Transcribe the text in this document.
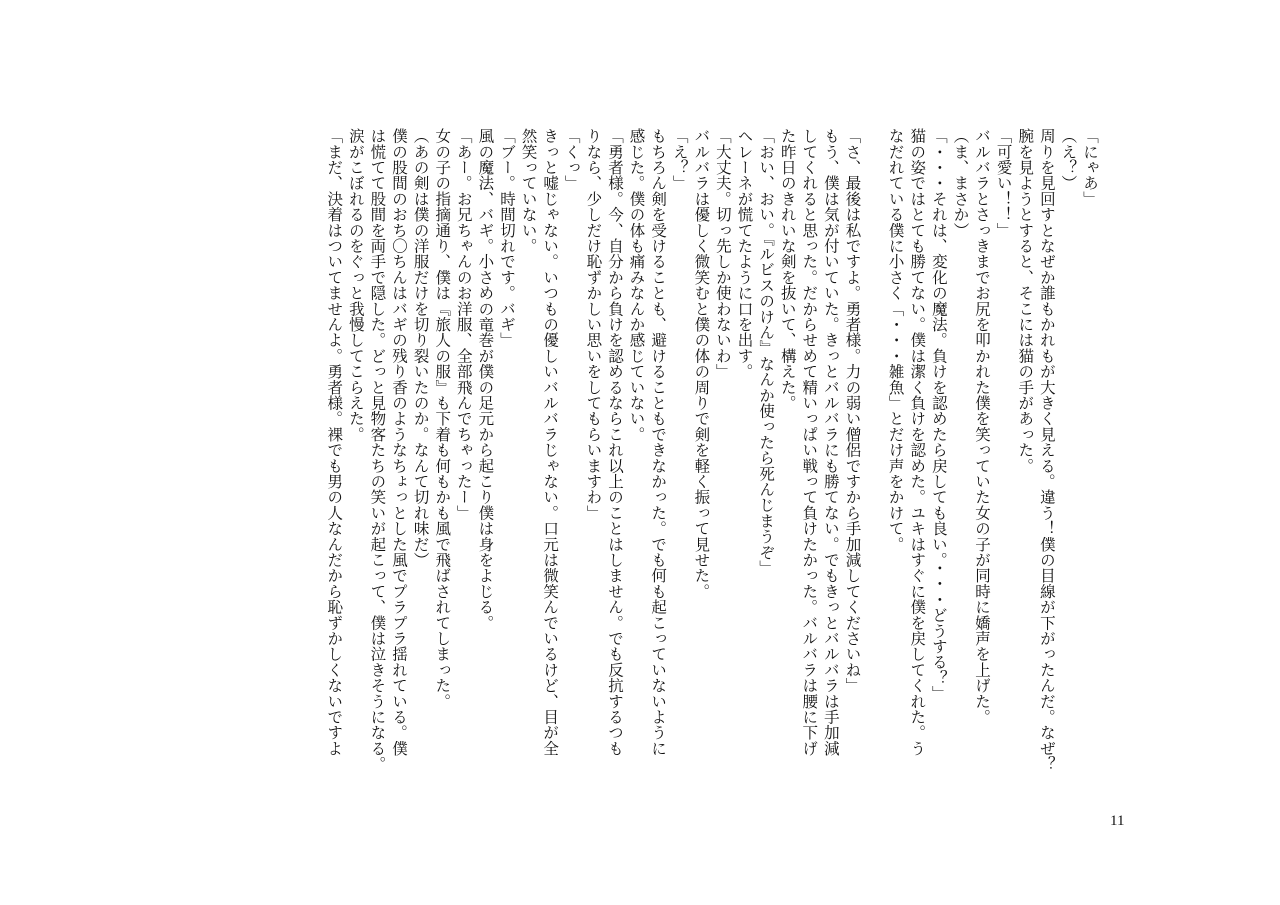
「にゃあ」

（え？）

周りを見回すとなぜか誰もかれもが大きく見える。違う！僕の目線が下がったんだ。なぜ？

腕を見ようとすると、そこには猫の手があった。

「可愛い！！」

バルバラとさっきまでお尻を叩かれた僕を笑っていた女の子が同時に嬌声を上げた。

（ま、まさか）

「・・・それは、変化の魔法。負けを認めたら戻しても良い。・・・どうする？」

猫の姿ではとても勝てない。僕は潔く負けを認めた。ユキはすぐに僕を戻してくれた。う

なだれている僕に小さく「・・・雑魚」とだけ声をかけて。

「さ、最後は私ですよ。勇者様。力の弱い僧侶ですから手加減してくださいね」

もう、僕は気が付いていた。きっとバルバラにも勝てない。でもきっとバルバラは手加減

してくれると思った。だからせめて精いっぱい戦って負けたかった。バルバラは腰に下げ

た昨日のきれいな剣を抜いて、構えた。

「おい、おい。『ルビスのけん』なんか使ったら死んじまうぞ」

ヘレーネが慌てたように口を出す。

「大丈夫。切っ先しか使わないわ」

バルバラは優しく微笑むと僕の体の周りで剣を軽く振って見せた。

「え？」

もちろん剣を受けることも、避けることもできなかった。でも何も起こっていないように

感じた。僕の体も痛みなんか感じていない。

「勇者様。今、自分から負けを認めるならこれ以上のことはしません。でも反抗するつも

りなら、少しだけ恥ずかしい思いをしてもらいますわ」

「くっ」

きっと嘘じゃない。いつもの優しいバルバラじゃない。口元は微笑んでいるけど、目が全

然笑っていない。

「ブー。時間切れです。バギ」

風の魔法、バギ。小さめの竜巻が僕の足元から起こり僕は身をよじる。

「あー。お兄ちゃんのお洋服、全部飛んでちゃったー」

女の子の指摘通り、僕は『旅人の服』も下着も何もかも風で飛ばされてしまった。

（あの剣は僕の洋服だけを切り裂いたのか。なんて切れ味だ）

僕の股間のおち〇ちんはバギの残り香のようなちょっとした風でプラプラ揺れている。僕

は慌てて股間を両手で隠した。どっと見物客たちの笑いが起こって、僕は泣きそうになる。

涙がこぼれるのをぐっと我慢してこらえた。

「まだ、決着はついてませんよ。勇者様。裸でも男の人なんだから恥ずかしくないですよ

11
